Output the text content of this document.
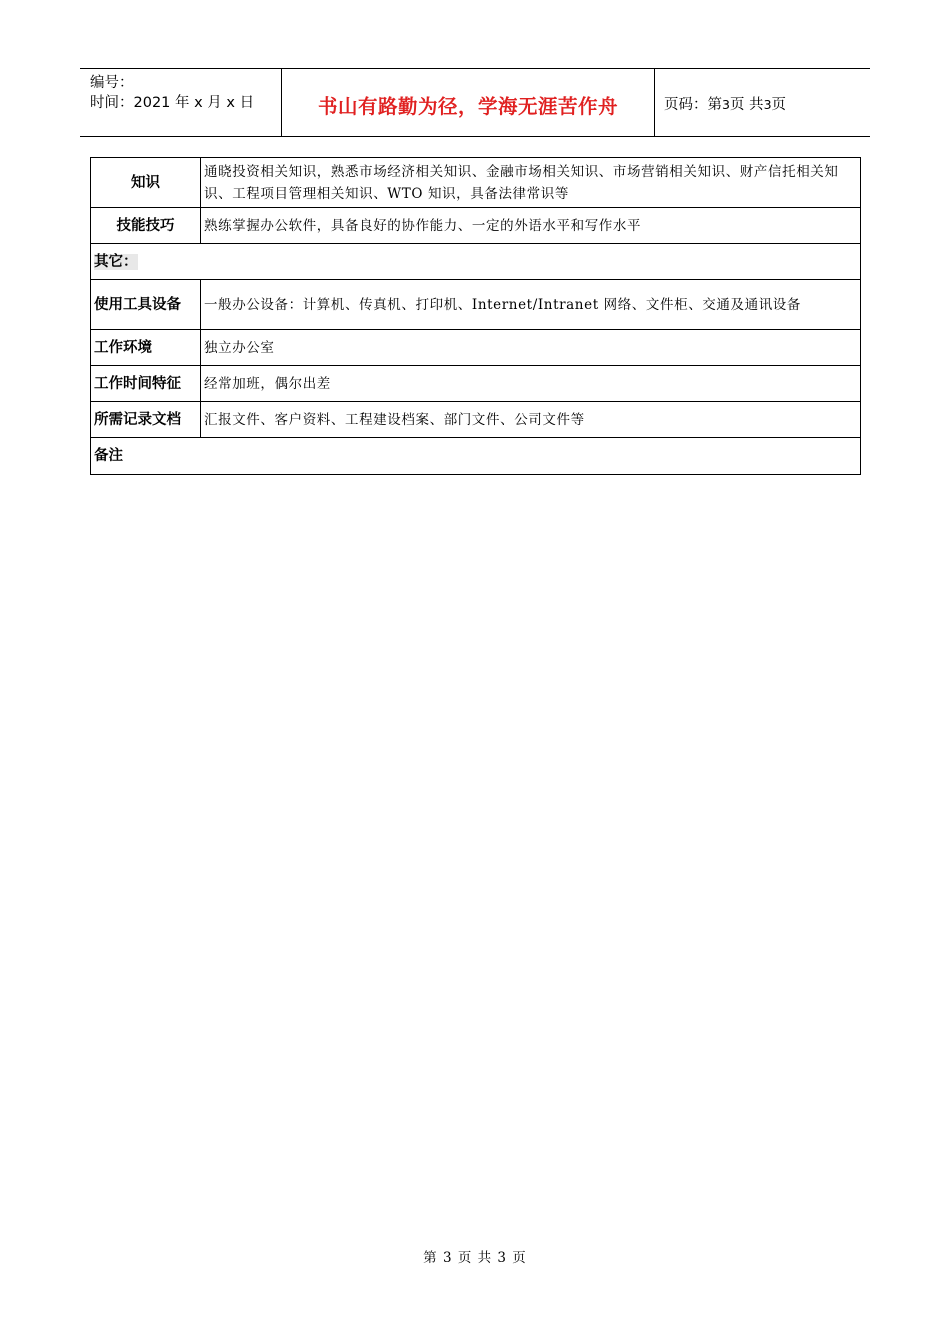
编号：
时间：2021 年 x 月 x 日	书山有路勤为径，学海无涯苦作舟	页码：第3页 共3页
知识	通晓投资相关知识，熟悉市场经济相关知识、金融市场相关知识、市场营销相关知识、财产信托相关知识、工程项目管理相关知识、WTO 知识，具备法律常识等
技能技巧	熟练掌握办公软件，具备良好的协作能力、一定的外语水平和写作水平
其它：	
使用工具设备	一般办公设备：计算机、传真机、打印机、Internet/Intranet 网络、文件柜、交通及通讯设备
工作环境	独立办公室
工作时间特征	经常加班，偶尔出差
所需记录文档	汇报文件、客户资料、工程建设档案、部门文件、公司文件等
备注	
第 3 页 共 3 页
